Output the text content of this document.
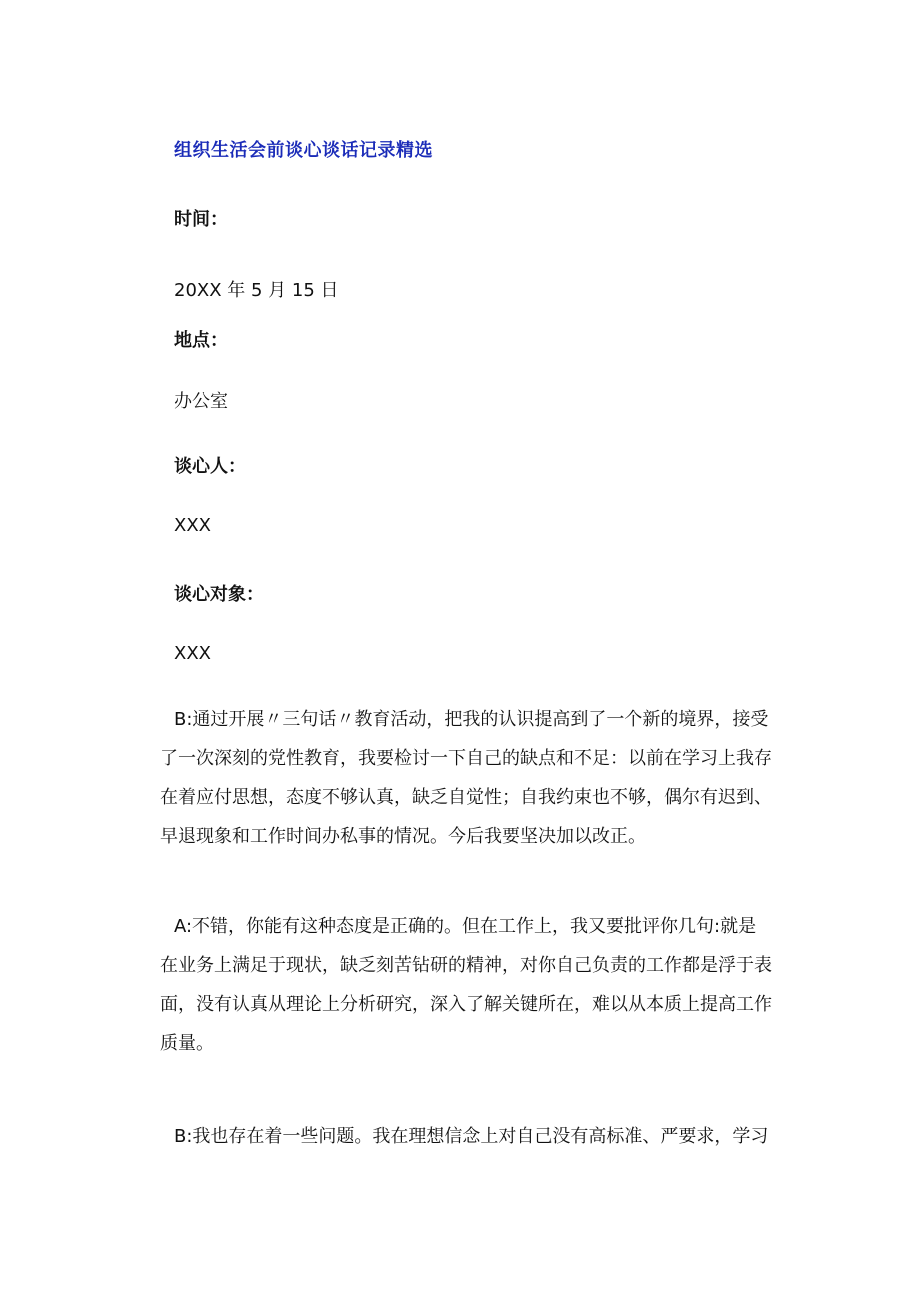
组织生活会前谈心谈话记录精选
时间：
20XX 年 5 月 15 日
地点：
办公室
谈心人：
XXX
谈心对象：
XXX
B:通过开展〃三句话〃教育活动，把我的认识提高到了一个新的境界，接受
了一次深刻的党性教育，我要检讨一下自己的缺点和不足：以前在学习上我存
在着应付思想，态度不够认真，缺乏自觉性；自我约束也不够，偶尔有迟到、
早退现象和工作时间办私事的情况。今后我要坚决加以改正。
A:不错，你能有这种态度是正确的。但在工作上，我又要批评你几句:就是
在业务上满足于现状，缺乏刻苦钻研的精神，对你自己负责的工作都是浮于表
面，没有认真从理论上分析研究，深入了解关键所在，难以从本质上提高工作
质量。
B:我也存在着一些问题。我在理想信念上对自己没有高标准、严要求，学习
